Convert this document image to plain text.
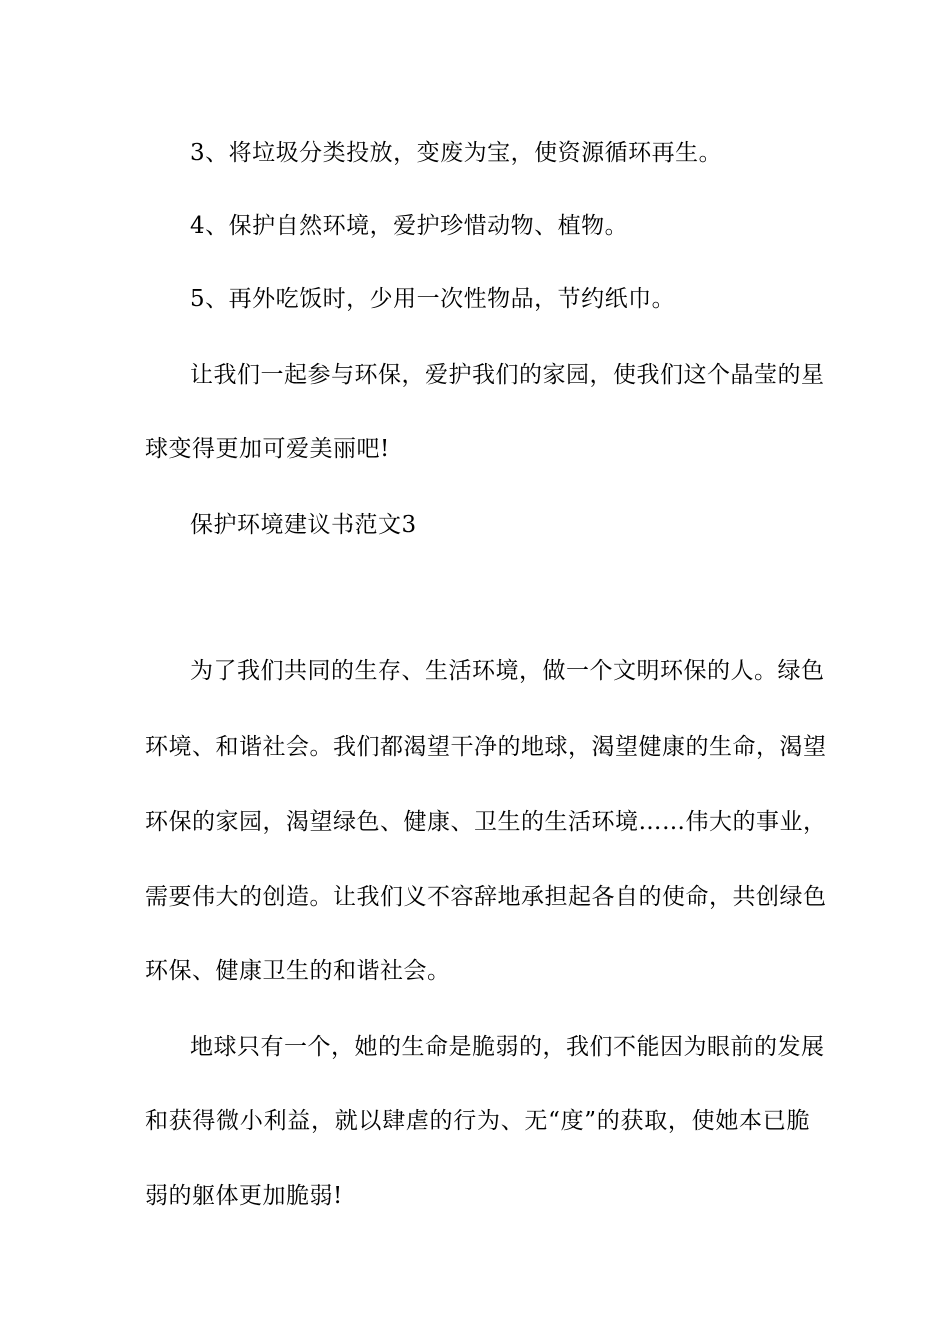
3、将垃圾分类投放，变废为宝，使资源循环再生。
4、保护自然环境，爱护珍惜动物、植物。
5、再外吃饭时，少用一次性物品，节约纸巾。
让我们一起参与环保，爱护我们的家园，使我们这个晶莹的星
球变得更加可爱美丽吧!
保护环境建议书范文3
为了我们共同的生存、生活环境，做一个文明环保的人。绿色
环境、和谐社会。我们都渴望干净的地球，渴望健康的生命，渴望
环保的家园，渴望绿色、健康、卫生的生活环境……伟大的事业，
需要伟大的创造。让我们义不容辞地承担起各自的使命，共创绿色
环保、健康卫生的和谐社会。
地球只有一个，她的生命是脆弱的，我们不能因为眼前的发展
和获得微小利益，就以肆虐的行为、无“度”的获取，使她本已脆
弱的躯体更加脆弱!
